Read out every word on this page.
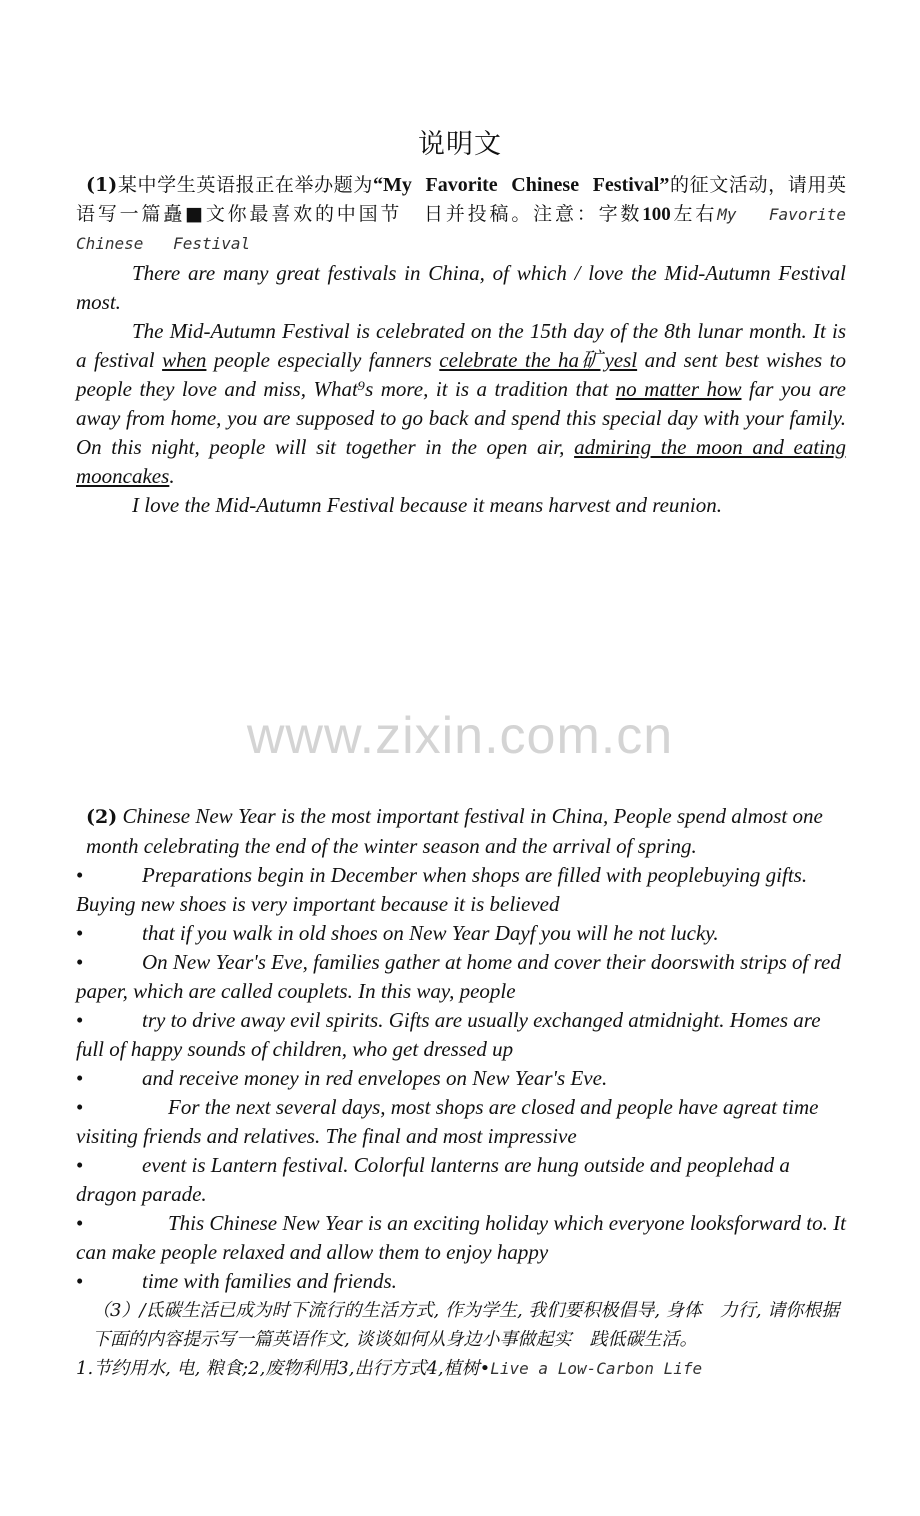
说明文
(1)某中学生英语报正在举办题为“My Favorite Chinese Festival”的征文活动，请用英语写一篇矗■文你最喜欢的中国节　日并投稿。注意：字数100左右My Favorite Chinese Festival

There are many great festivals in China, of which / love the Mid-Autumn Festival most.

The Mid-Autumn Festival is celebrated on the 15th day of the 8th lunar month. It is a festival when people especially fanners celebrate the ha矿yesl and sent best wishes to people they love and miss, What⁹s more, it is a tradition that no matter how far you are away from home, you are supposed to go back and spend this special day with your family. On this night, people will sit together in the open air, admiring the moon and eating mooncakes.

I love the Mid-Autumn Festival because it means harvest and reunion.

www.zixin.com.cn

(2) Chinese New Year is the most important festival in China, People spend almost one month celebrating the end of the winter season and the arrival of spring.

•	Preparations begin in December when shops are filled with peoplebuying gifts. Buying new shoes is very important because it is believed

•	that if you walk in old shoes on New Year Dayf you will he not lucky.

•	On New Year's Eve, families gather at home and cover their doorswith strips of red paper, which are called couplets. In this way, people

•	try to drive away evil spirits. Gifts are usually exchanged atmidnight. Homes are full of happy sounds of children, who get dressed up

•	and receive money in red envelopes on New Year's Eve.

•	For the next several days, most shops are closed and people have agreat time visiting friends and relatives. The final and most impressive

•	event is Lantern festival. Colorful lanterns are hung outside and peoplehad a dragon parade.

•	This Chinese New Year is an exciting holiday which everyone looksforward to. It can make people relaxed and allow them to enjoy happy

•	time with families and friends.

（3）/氐碳生活已成为时下流行的生活方式, 作为学生, 我们要积极倡导, 身体　力行, 请你根据下面的内容提示写一篇英语作文, 谈谈如何从身边小事做起实　践低碳生活。
1.节约用水, 电, 粮食;2,废物利用3,出行方式4,植树•Live a Low-Carbon Life
